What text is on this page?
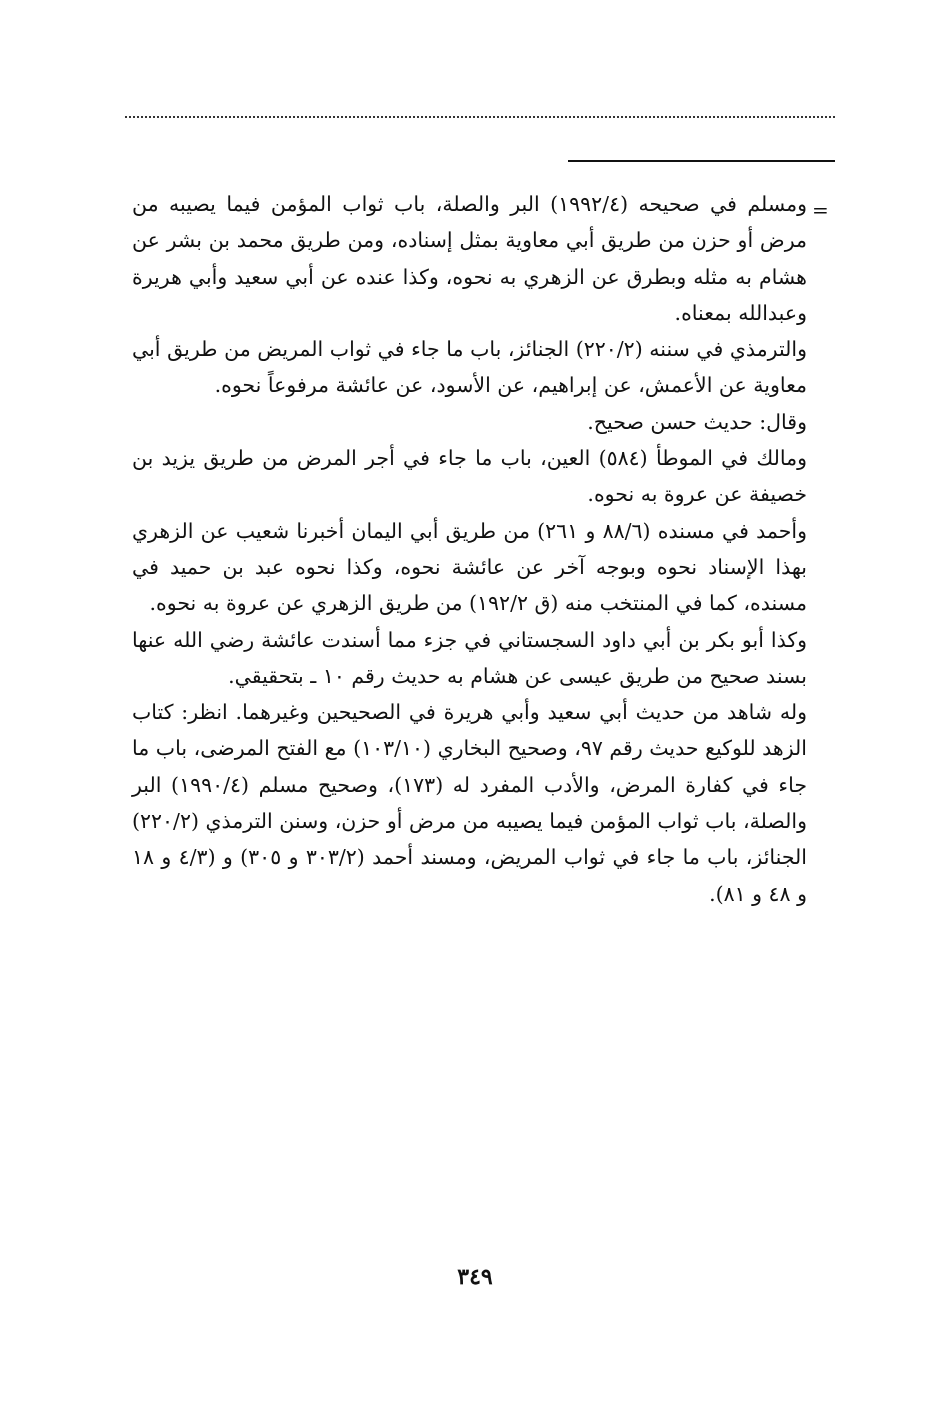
=

ومسلم في صحيحه (١٩٩٢/٤) البر والصلة، باب ثواب المؤمن فيما يصيبه من مرض أو حزن من طريق أبي معاوية بمثل إسناده، ومن طريق محمد بن بشر عن هشام به مثله وبطرق عن الزهري به نحوه، وكذا عنده عن أبي سعيد وأبي هريرة وعبدالله بمعناه.

والترمذي في سننه (٢٢٠/٢) الجنائز، باب ما جاء في ثواب المريض من طريق أبي معاوية عن الأعمش، عن إبراهيم، عن الأسود، عن عائشة مرفوعاً نحوه.

وقال: حديث حسن صحيح.

ومالك في الموطأ (٥٨٤) العين، باب ما جاء في أجر المرض من طريق يزيد بن خصيفة عن عروة به نحوه.

وأحمد في مسنده (٨٨/٦ و ٢٦١) من طريق أبي اليمان أخبرنا شعيب عن الزهري بهذا الإسناد نحوه وبوجه آخر عن عائشة نحوه، وكذا نحوه عبد بن حميد في مسنده، كما في المنتخب منه (ق ١٩٢/٢) من طريق الزهري عن عروة به نحوه.

وكذا أبو بكر بن أبي داود السجستاني في جزء مما أسندت عائشة رضي الله عنها بسند صحيح من طريق عيسى عن هشام به حديث رقم ١٠ ـ بتحقيقي.

وله شاهد من حديث أبي سعيد وأبي هريرة في الصحيحين وغيرهما. انظر: كتاب الزهد للوكيع حديث رقم ٩٧، وصحيح البخاري (١٠٣/١٠) مع الفتح المرضى، باب ما جاء في كفارة المرض، والأدب المفرد له (١٧٣)، وصحيح مسلم (١٩٩٠/٤) البر والصلة، باب ثواب المؤمن فيما يصيبه من مرض أو حزن، وسنن الترمذي (٢٢٠/٢) الجنائز، باب ما جاء في ثواب المريض، ومسند أحمد (٣٠٣/٢ و ٣٠٥) و (٤/٣ و ١٨ و ٤٨ و ٨١).

٣٤٩
